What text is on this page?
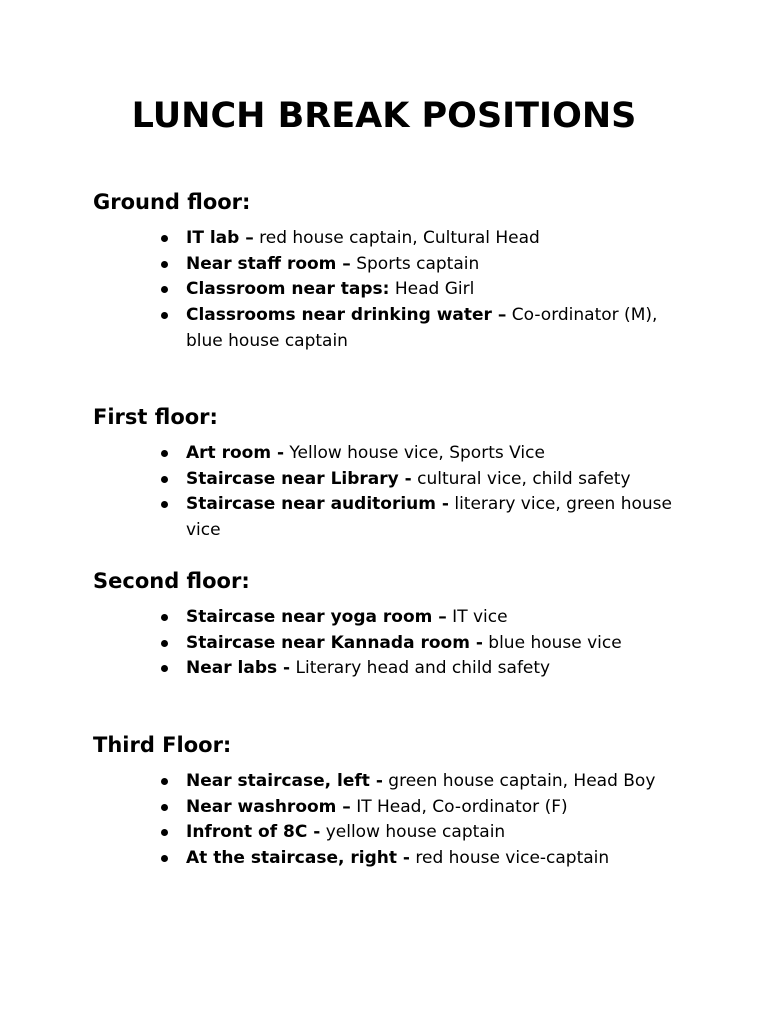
LUNCH BREAK POSITIONS
Ground floor:
IT lab – red house captain, Cultural Head
Near staff room – Sports captain
Classroom near taps: Head Girl
Classrooms near drinking water – Co-ordinator (M), blue house captain
First floor:
Art room - Yellow house vice, Sports Vice
Staircase near Library - cultural vice, child safety
Staircase near auditorium - literary vice, green house vice
Second floor:
Staircase near yoga room – IT vice
Staircase near Kannada room - blue house vice
Near labs - Literary head and child safety
Third Floor:
Near staircase, left - green house captain, Head Boy
Near washroom – IT Head, Co-ordinator (F)
Infront of 8C - yellow house captain
At the staircase, right - red house vice-captain
